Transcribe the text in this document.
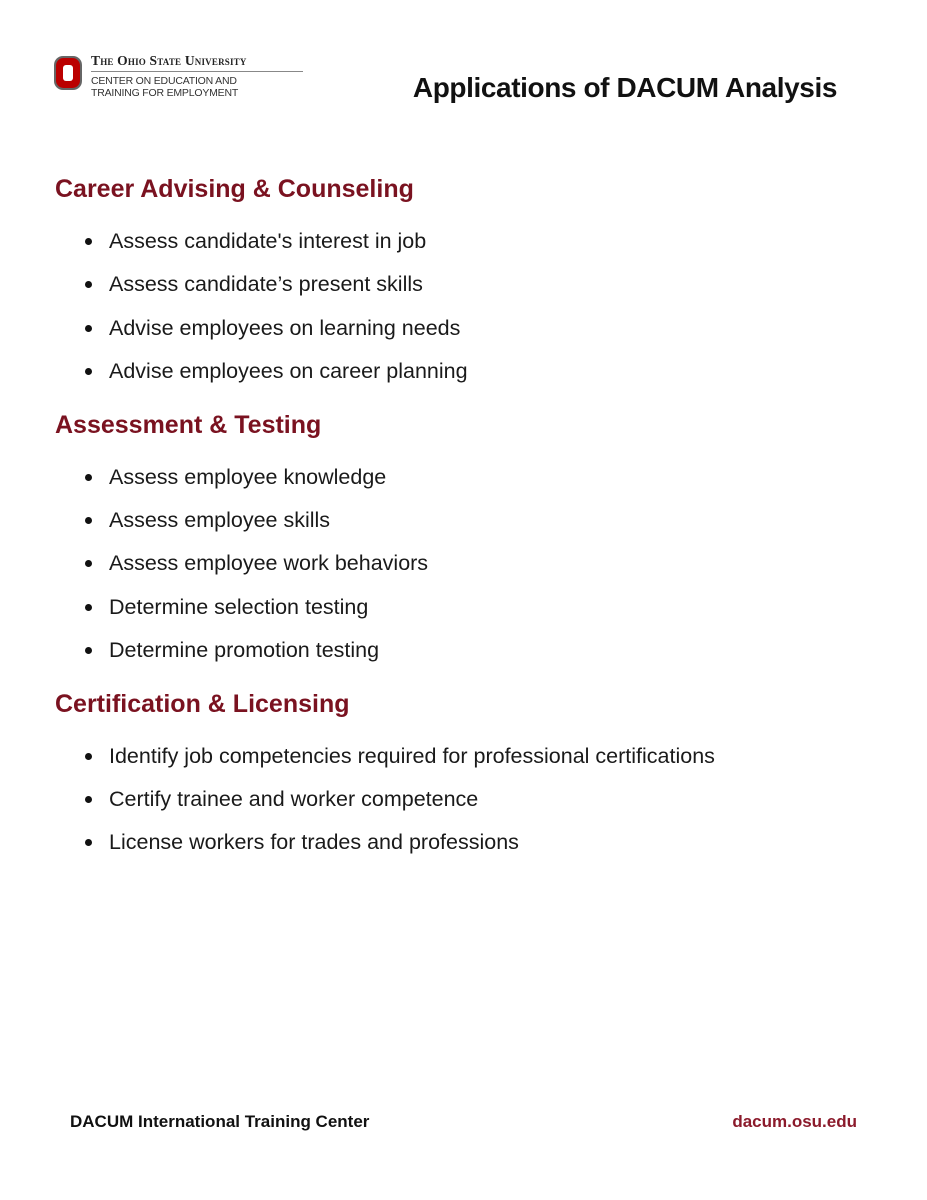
The Ohio State University
CENTER ON EDUCATION AND
TRAINING FOR EMPLOYMENT	Applications of DACUM Analysis
Career Advising & Counseling
Assess candidate's interest in job
Assess candidate’s present skills
Advise employees on learning needs
Advise employees on career planning
Assessment & Testing
Assess employee knowledge
Assess employee skills
Assess employee work behaviors
Determine selection testing
Determine promotion testing
Certification & Licensing
Identify job competencies required for professional certifications
Certify trainee and worker competence
License workers for trades and professions
DACUM International Training Center	dacum.osu.edu
